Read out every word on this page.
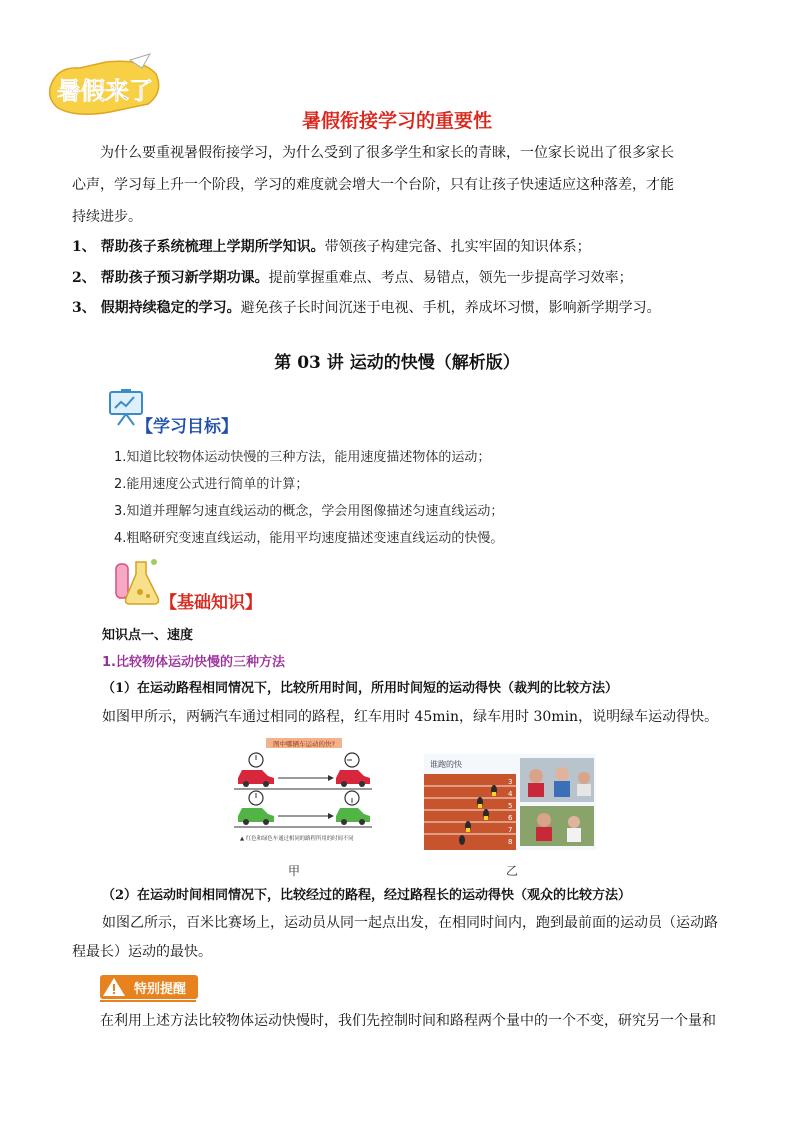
暑假来了
暑假衔接学习的重要性
为什么要重视暑假衔接学习，为什么受到了很多学生和家长的青睐，一位家长说出了很多家长
心声，学习每上升一个阶段，学习的难度就会增大一个台阶，只有让孩子快速适应这种落差，才能
持续进步。
1、 帮助孩子系统梳理上学期所学知识。带领孩子构建完备、扎实牢固的知识体系；
2、 帮助孩子预习新学期功课。提前掌握重难点、考点、易错点，领先一步提高学习效率；
3、 假期持续稳定的学习。避免孩子长时间沉迷于电视、手机，养成坏习惯，影响新学期学习。
第 03 讲 运动的快慢（解析版）
【学习目标】
1.知道比较物体运动快慢的三种方法，能用速度描述物体的运动；
2.能用速度公式进行简单的计算；
3.知道并理解匀速直线运动的概念，学会用图像描述匀速直线运动；
4.粗略研究变速直线运动，能用平均速度描述变速直线运动的快慢。
【基础知识】
知识点一、速度
1.比较物体运动快慢的三种方法
（1）在运动路程相同情况下，比较所用时间，所用时间短的运动得快（裁判的比较方法）
如图甲所示，两辆汽车通过相同的路程，红车用时 45min，绿车用时 30min，说明绿车运动得快。
图中哪辆车运动的快?
▲ 红色和绿色车通过相同的路程所用的时间不同
谁跑的快
3
4
5
6
7
8
甲	乙
（2）在运动时间相同情况下，比较经过的路程，经过路程长的运动得快（观众的比较方法）
如图乙所示，百米比赛场上，运动员从同一起点出发，在相同时间内，跑到最前面的运动员（运动路
程最长）运动的最快。
特别提醒
在利用上述方法比较物体运动快慢时，我们先控制时间和路程两个量中的一个不变，研究另一个量和
